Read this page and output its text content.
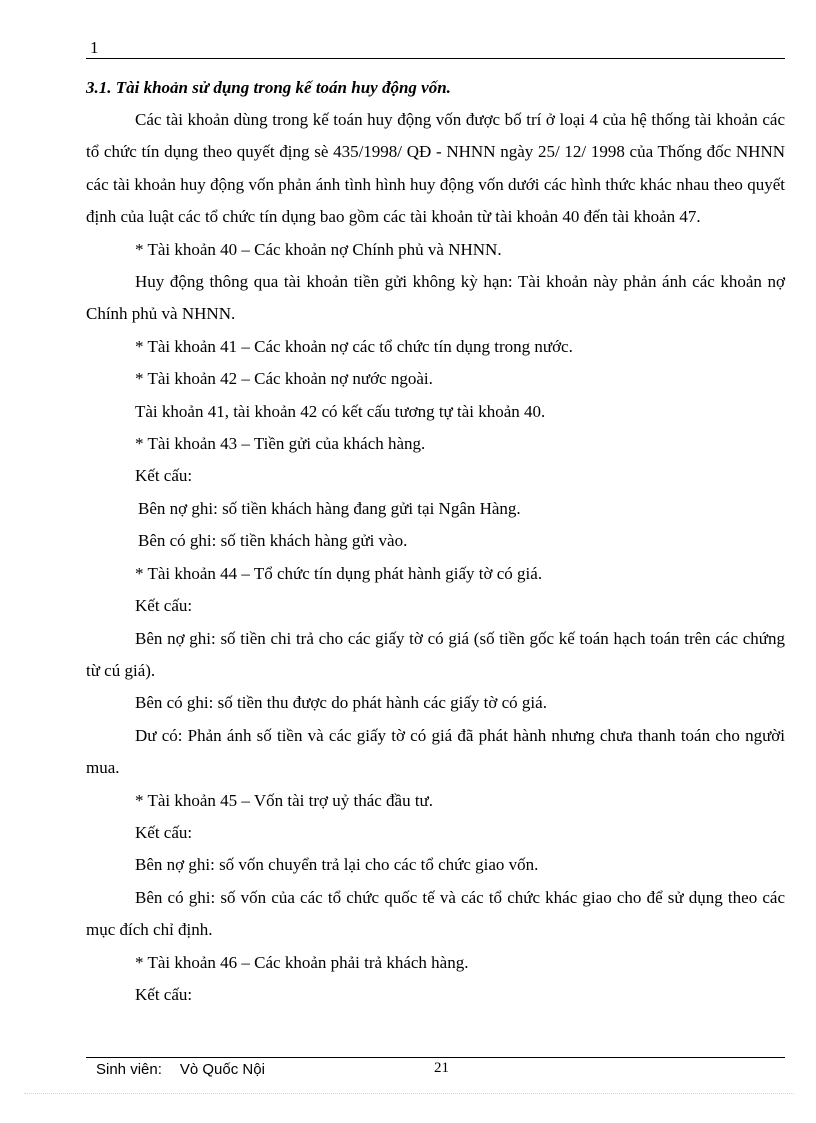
1

3.1. Tài khoản sử dụng trong kế toán huy động vốn.

Các tài khoản dùng trong kế toán huy động vốn được bố trí ở loại 4 của hệ thống tài khoản các tổ chức tín dụng theo quyết địng sè 435/1998/ QĐ - NHNN ngày 25/ 12/ 1998 của Thống đốc NHNN các tài khoản huy động vốn phản ánh tình hình huy động vốn dưới các hình thức khác nhau theo quyết định của luật các tổ chức tín dụng bao gồm các tài khoản từ tài khoản 40 đến tài khoản 47.

* Tài khoản 40 – Các khoản nợ Chính phủ và NHNN.

Huy động thông qua tài khoản tiền gửi không kỳ hạn: Tài khoản này phản ánh các khoản nợ Chính phủ và NHNN.

* Tài khoản 41 – Các khoản nợ các tổ chức tín dụng trong nước.

* Tài khoản 42 – Các khoản nợ nước ngoài.

Tài khoản 41, tài khoản 42 có kết cấu tương tự tài khoản 40.

* Tài khoản 43 – Tiền gửi của khách hàng.

Kết cấu:

Bên nợ ghi: số tiền khách hàng đang gửi tại Ngân Hàng.

Bên có ghi: số tiền khách hàng gửi vào.

* Tài khoản 44 – Tổ chức tín dụng phát hành giấy tờ có giá.

Kết cấu:

Bên nợ ghi: số tiền chi trả cho các giấy tờ có giá (số tiền gốc kế toán hạch toán trên các chứng từ cú giá).

Bên có ghi: số tiền thu được do phát hành các giấy tờ có giá.

Dư có: Phản ánh số tiền và các giấy tờ có giá đã phát hành nhưng chưa thanh toán cho người mua.

* Tài khoản 45 – Vốn tài trợ uỷ thác đầu tư.

Kết cấu:

Bên nợ ghi: số vốn chuyển trả lại cho các tổ chức giao vốn.

Bên có ghi: số vốn của các tổ chức quốc tế và các tổ chức khác giao cho để sử dụng theo các mục đích chỉ định.

* Tài khoản 46 – Các khoản phải trả khách hàng.

Kết cấu:

Sinh viên: Vò Quốc Nội	21
